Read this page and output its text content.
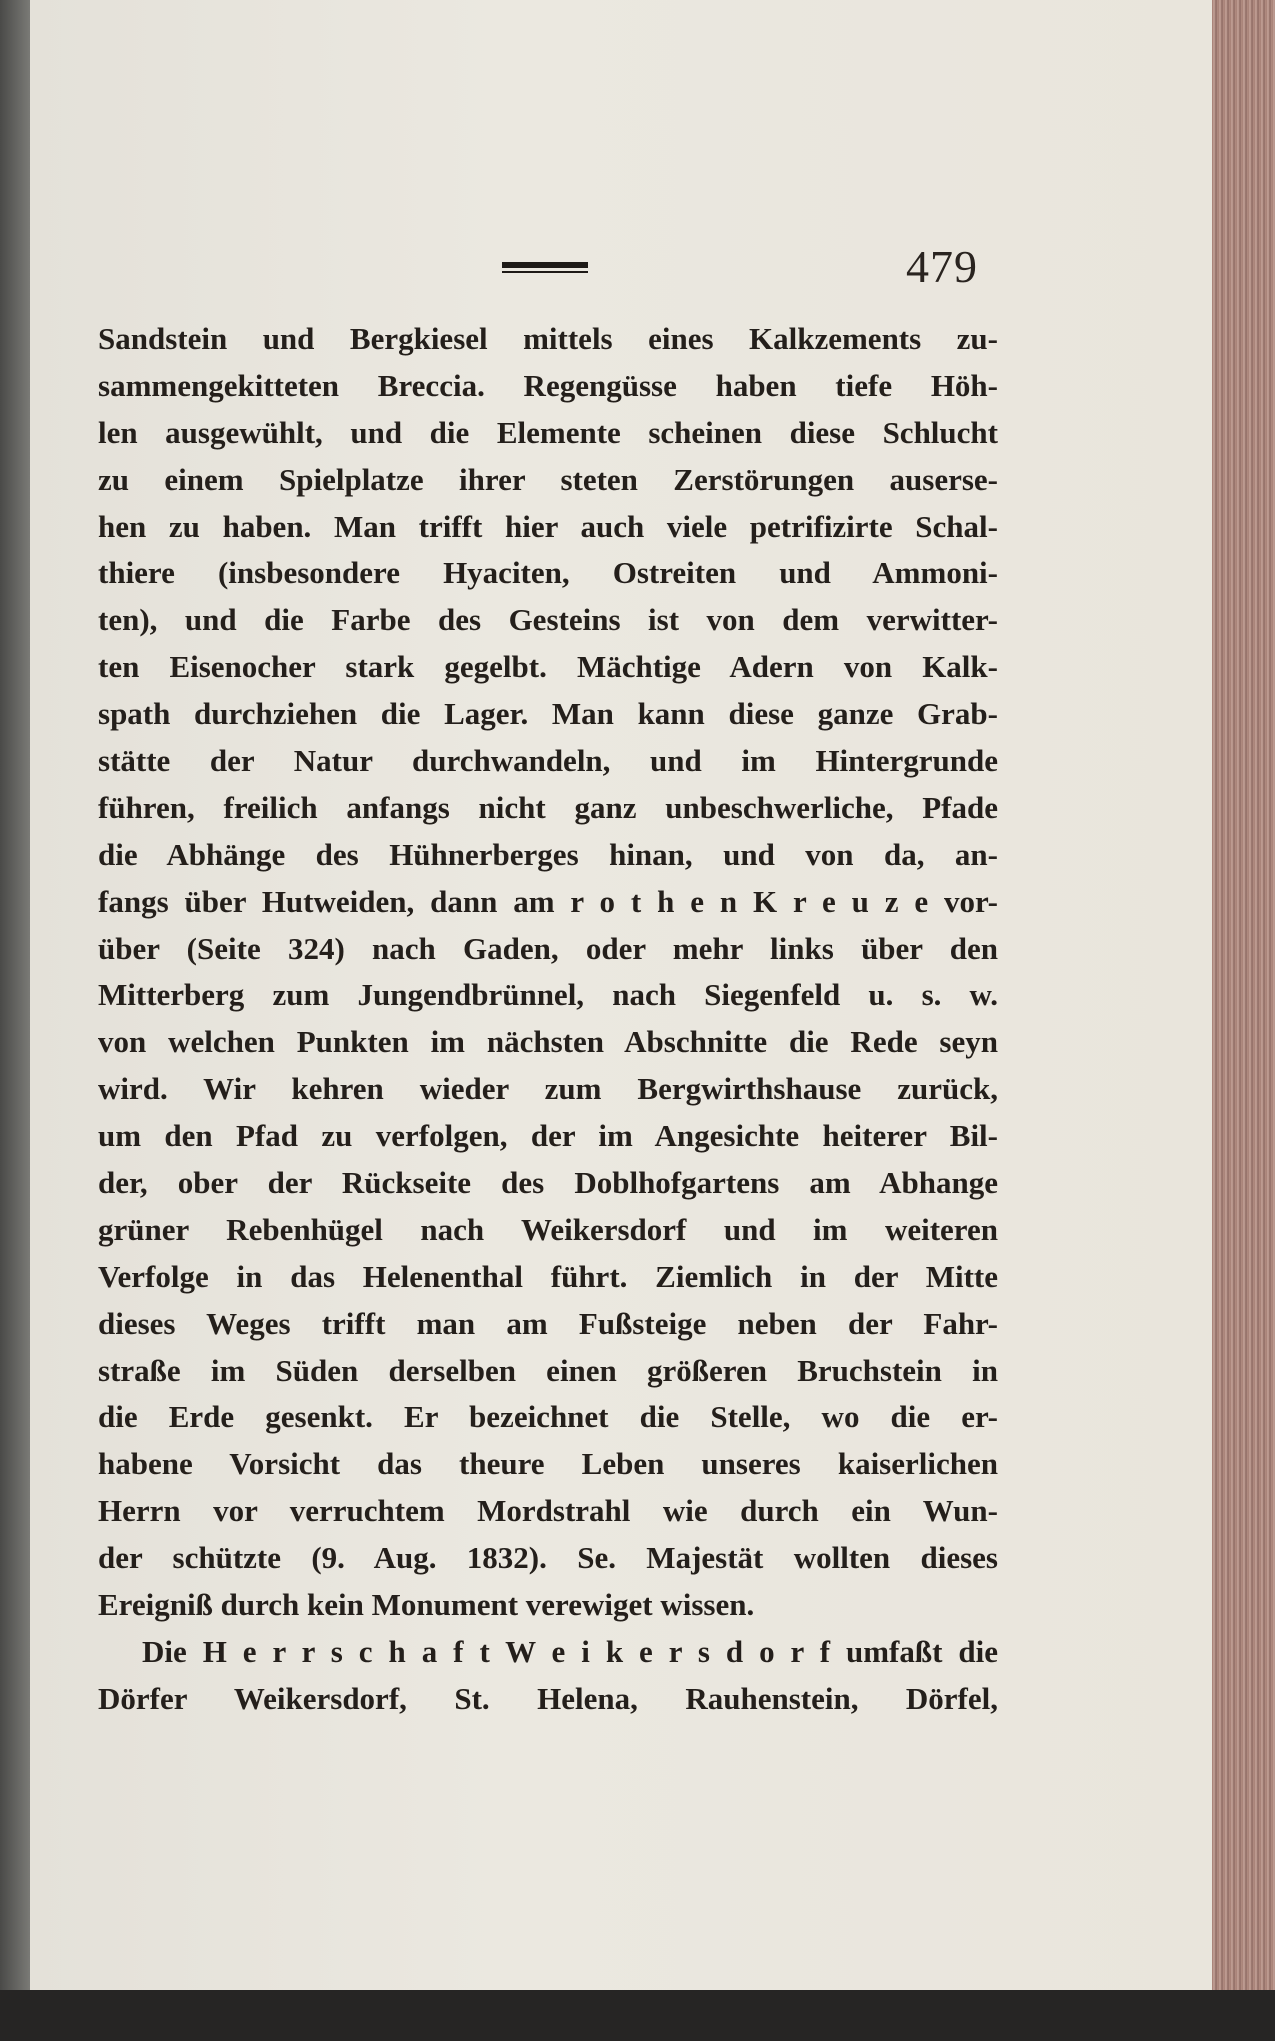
479
Sandstein und Bergkiesel mittels eines Kalkzements zu-
sammengekitteten Breccia. Regengüsse haben tiefe Höh-
len ausgewühlt, und die Elemente scheinen diese Schlucht
zu einem Spielplatze ihrer steten Zerstörungen auserse-
hen zu haben. Man trifft hier auch viele petrifizirte Schal-
thiere (insbesondere Hyaciten, Ostreiten und Ammoni-
ten), und die Farbe des Gesteins ist von dem verwitter-
ten Eisenocher stark gegelbt. Mächtige Adern von Kalk-
spath durchziehen die Lager. Man kann diese ganze Grab-
stätte der Natur durchwandeln, und im Hintergrunde
führen, freilich anfangs nicht ganz unbeschwerliche, Pfade
die Abhänge des Hühnerberges hinan, und von da, an-
fangs über Hutweiden, dann am r o t h e n K r e u z e vor-
über (Seite 324) nach Gaden, oder mehr links über den
Mitterberg zum Jungendbrünnel, nach Siegenfeld u. s. w.
von welchen Punkten im nächsten Abschnitte die Rede seyn
wird. Wir kehren wieder zum Bergwirthshause zurück,
um den Pfad zu verfolgen, der im Angesichte heiterer Bil-
der, ober der Rückseite des Doblhofgartens am Abhange
grüner Rebenhügel nach Weikersdorf und im weiteren
Verfolge in das Helenenthal führt. Ziemlich in der Mitte
dieses Weges trifft man am Fußsteige neben der Fahr-
straße im Süden derselben einen größeren Bruchstein in
die Erde gesenkt. Er bezeichnet die Stelle, wo die er-
habene Vorsicht das theure Leben unseres kaiserlichen
Herrn vor verruchtem Mordstrahl wie durch ein Wun-
der schützte (9. Aug. 1832). Se. Majestät wollten dieses
Ereigniß durch kein Monument verewiget wissen.
Die H e r r s c h a f t W e i k e r s d o r f umfaßt die
Dörfer Weikersdorf, St. Helena, Rauhenstein, Dörfel,
